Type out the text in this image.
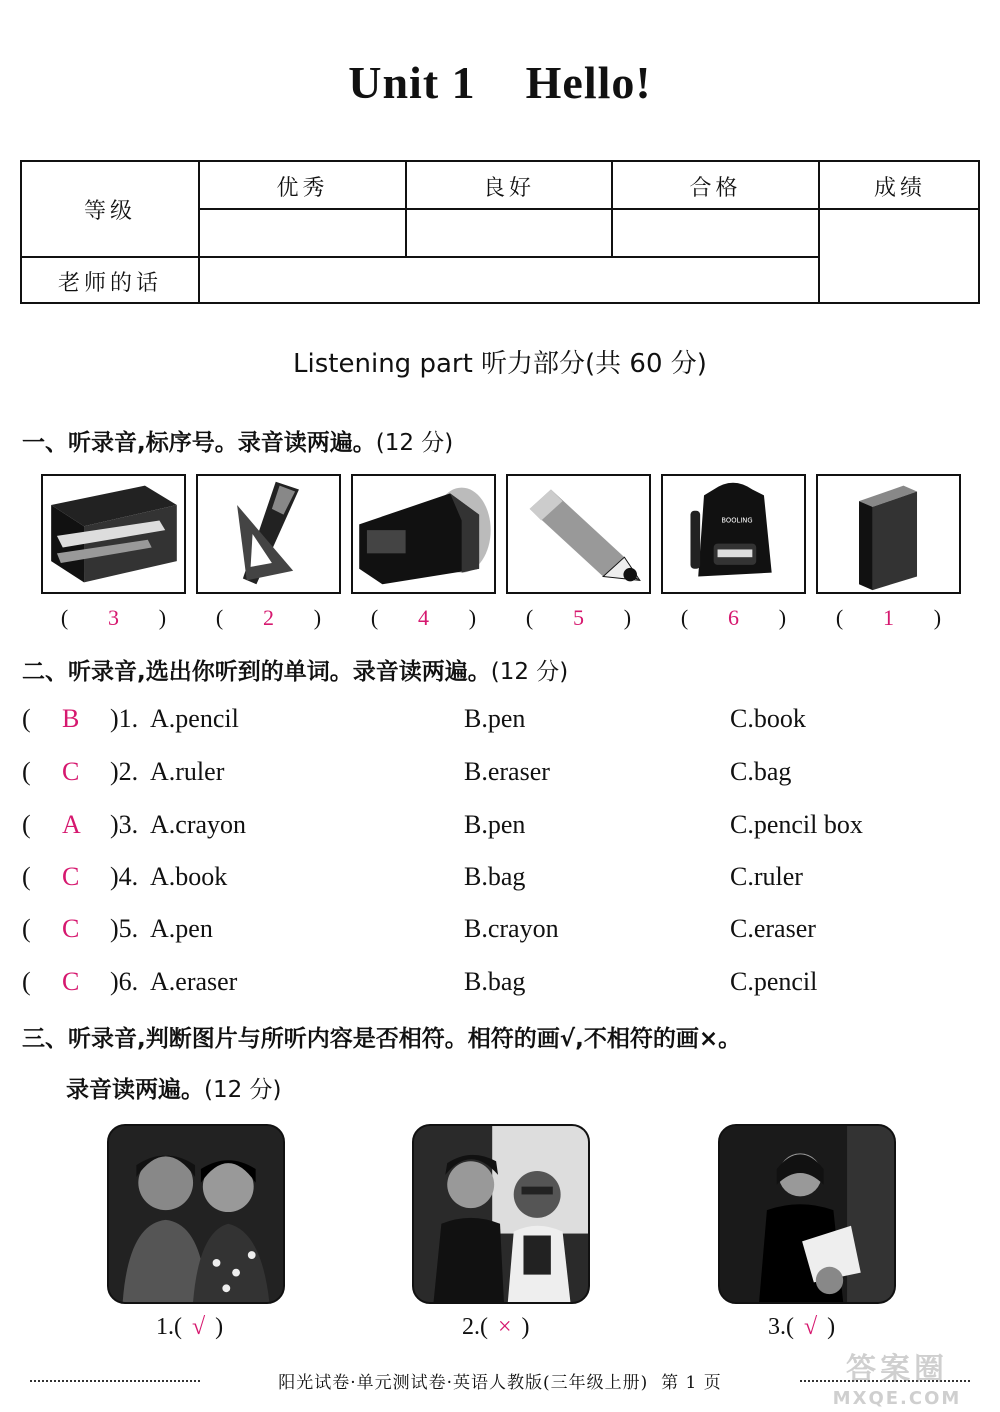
Unit 1    Hello!
等级
优秀	良好	合格	成绩
老师的话
Listening part 听力部分(共 60 分)
一、听录音,标序号。录音读两遍。(12 分)
BOOLING
( 3 ) ( 2 ) ( 4 ) ( 5 ) ( 6 ) ( 1 )
二、听录音,选出你听到的单词。录音读两遍。(12 分)
( B )1. A.pencil	B.pen	C.book
( C )2. A.ruler	B.eraser	C.bag
( A )3. A.crayon	B.pen	C.pencil box
( C )4. A.book	B.bag	C.ruler
( C )5. A.pen	B.crayon	C.eraser
( C )6. A.eraser	B.bag	C.pencil
三、听录音,判断图片与所听内容是否相符。相符的画√,不相符的画×。
录音读两遍。(12 分)
1.( √ )	2.( × )	3.( √ )
阳光试卷·单元测试卷·英语人教版(三年级上册)  第 1 页	答案圈
MXQE.COM
